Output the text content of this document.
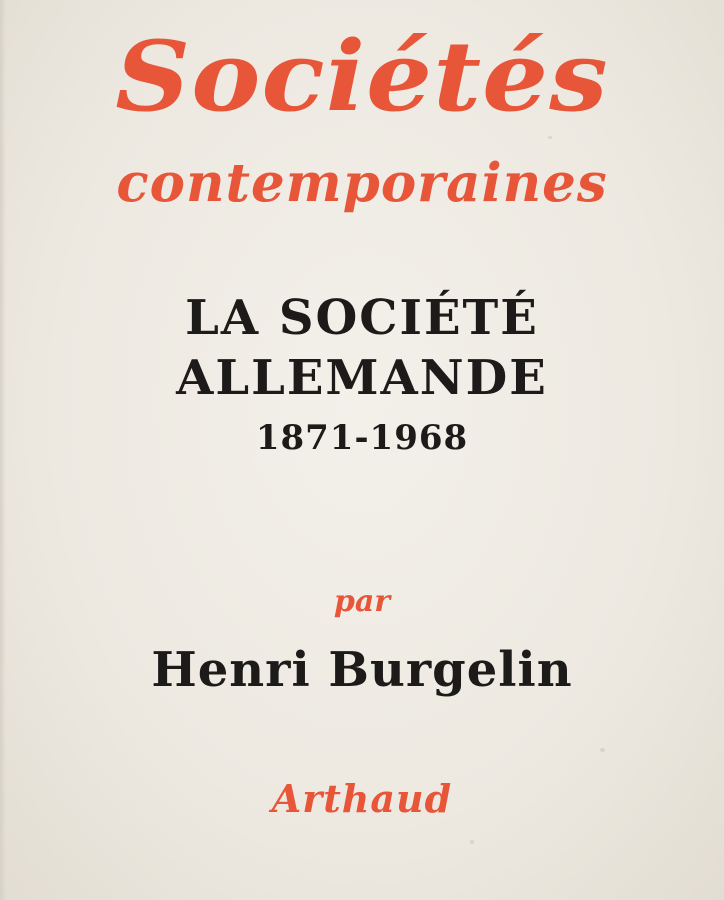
Sociétés
contemporaines
LA SOCIÉTÉ
ALLEMANDE
1871-1968
par
Henri Burgelin
Arthaud
